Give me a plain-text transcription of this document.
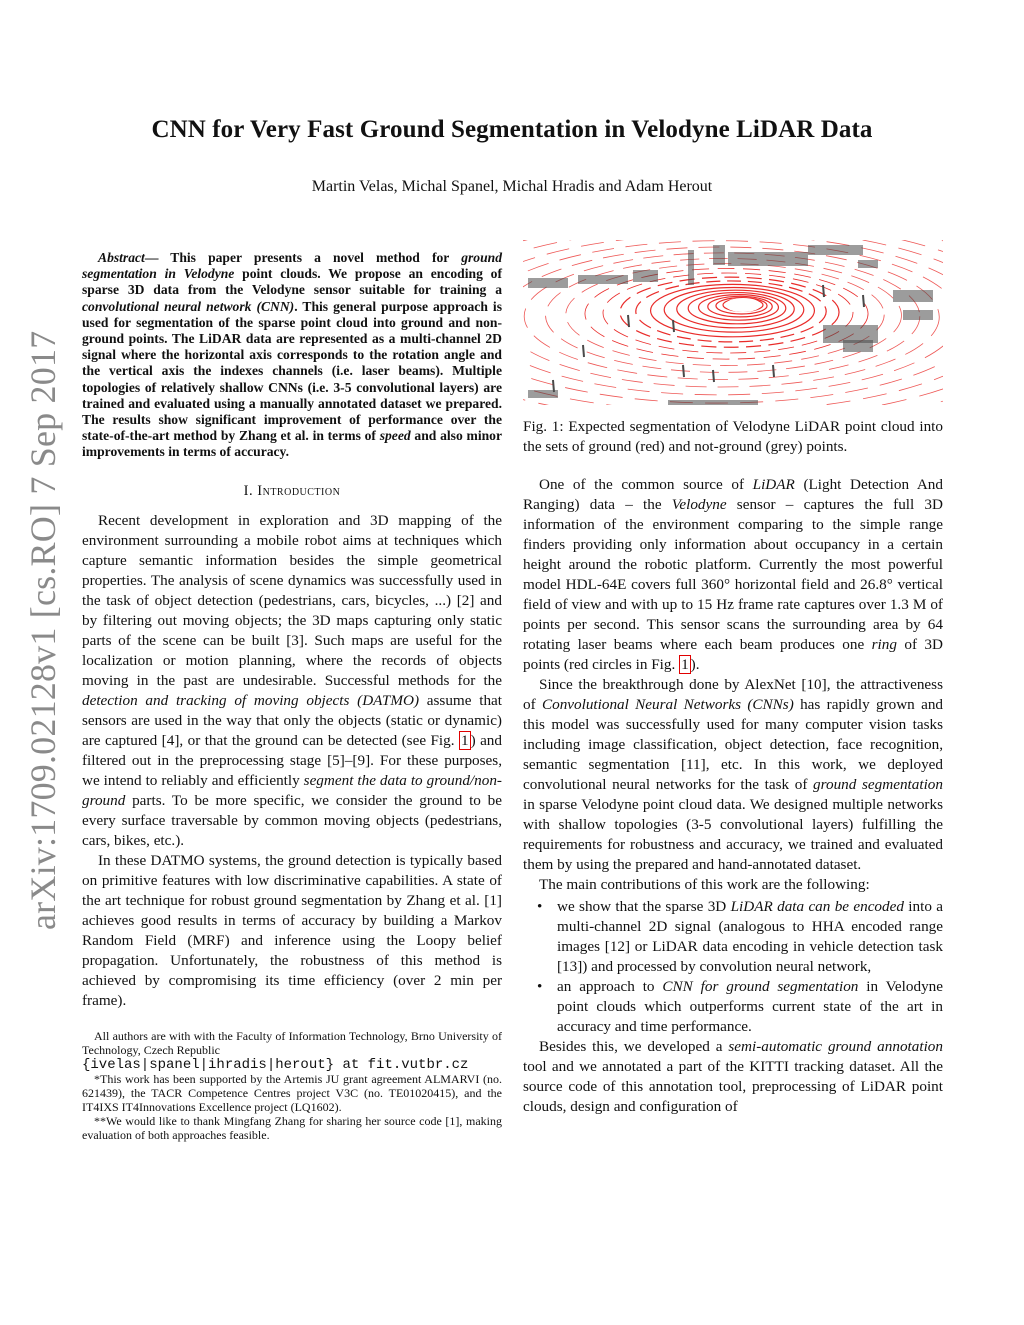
arXiv:1709.02128v1 [cs.RO] 7 Sep 2017
CNN for Very Fast Ground Segmentation in Velodyne LiDAR Data
Martin Velas, Michal Spanel, Michal Hradis and Adam Herout

Abstract— This paper presents a novel method for ground segmentation in Velodyne point clouds. We propose an encoding of sparse 3D data from the Velodyne sensor suitable for training a convolutional neural network (CNN). This general purpose approach is used for segmentation of the sparse point cloud into ground and non-ground points. The LiDAR data are represented as a multi-channel 2D signal where the horizontal axis corresponds to the rotation angle and the vertical axis the indexes channels (i.e. laser beams). Multiple topologies of relatively shallow CNNs (i.e. 3-5 convolutional layers) are trained and evaluated using a manually annotated dataset we prepared. The results show significant improvement of performance over the state-of-the-art method by Zhang et al. in terms of speed and also minor improvements in terms of accuracy.

I. Introduction

Recent development in exploration and 3D mapping of the environment surrounding a mobile robot aims at techniques which capture semantic information besides the simple geometrical properties. The analysis of scene dynamics was successfully used in the task of object detection (pedestrians, cars, bicycles, ...) [2] and by filtering out moving objects; the 3D maps capturing only static parts of the scene can be built [3]. Such maps are useful for the localization or motion planning, where the records of objects moving in the past are undesirable. Successful methods for the detection and tracking of moving objects (DATMO) assume that sensors are used in the way that only the objects (static or dynamic) are captured [4], or that the ground can be detected (see Fig. 1 ) and filtered out in the preprocessing stage [5]–[9]. For these purposes, we intend to reliably and efficiently segment the data to ground/non-ground parts. To be more specific, we consider the ground to be every surface traversable by common moving objects (pedestrians, cars, bikes, etc.).

In these DATMO systems, the ground detection is typically based on primitive features with low discriminative capabilities. A state of the art technique for robust ground segmentation by Zhang et al. [1] achieves good results in terms of accuracy by building a Markov Random Field (MRF) and inference using the Loopy belief propagation. Unfortunately, the robustness of this method is achieved by compromising its time efficiency (over 2 min per frame).

All authors are with with the Faculty of Information Technology, Brno University of Technology, Czech Republic
{ivelas|spanel|ihradis|herout} at fit.vutbr.cz

*This work has been supported by the Artemis JU grant agreement ALMARVI (no. 621439), the TACR Competence Centres project V3C (no. TE01020415), and the IT4IXS IT4Innovations Excellence project (LQ1602).

**We would like to thank Mingfang Zhang for sharing her source code [1], making evaluation of both approaches feasible.

Fig. 1: Expected segmentation of Velodyne LiDAR point cloud into the sets of ground (red) and not-ground (grey) points.

One of the common source of LiDAR (Light Detection And Ranging) data – the Velodyne sensor – captures the full 3D information of the environment comparing to the simple range finders providing only information about occupancy in a certain height around the robotic platform. Currently the most powerful model HDL-64E covers full 360° horizontal field and 26.8° vertical field of view and with up to 15 Hz frame rate captures over 1.3 M of points per second. This sensor scans the surrounding area by 64 rotating laser beams where each beam produces one ring of 3D points (red circles in Fig. 1 ).

Since the breakthrough done by AlexNet [10], the attractiveness of Convolutional Neural Networks (CNNs) has rapidly grown and this model was successfully used for many computer vision tasks including image classification, object detection, face recognition, semantic segmentation [11], etc. In this work, we deployed convolutional neural networks for the task of ground segmentation in sparse Velodyne point cloud data. We designed multiple networks with shallow topologies (3-5 convolutional layers) fulfilling the requirements for robustness and accuracy, we trained and evaluated them by using the prepared and hand-annotated dataset.

The main contributions of this work are the following:

• we show that the sparse 3D LiDAR data can be encoded into a multi-channel 2D signal (analogous to HHA encoded range images [12] or LiDAR data encoding in vehicle detection task [13]) and processed by convolution neural network,
• an approach to CNN for ground segmentation in Velodyne point clouds which outperforms current state of the art in accuracy and time performance.

Besides this, we developed a semi-automatic ground annotation tool and we annotated a part of the KITTI tracking dataset. All the source code of this annotation tool, preprocessing of LiDAR point clouds, design and configuration of
